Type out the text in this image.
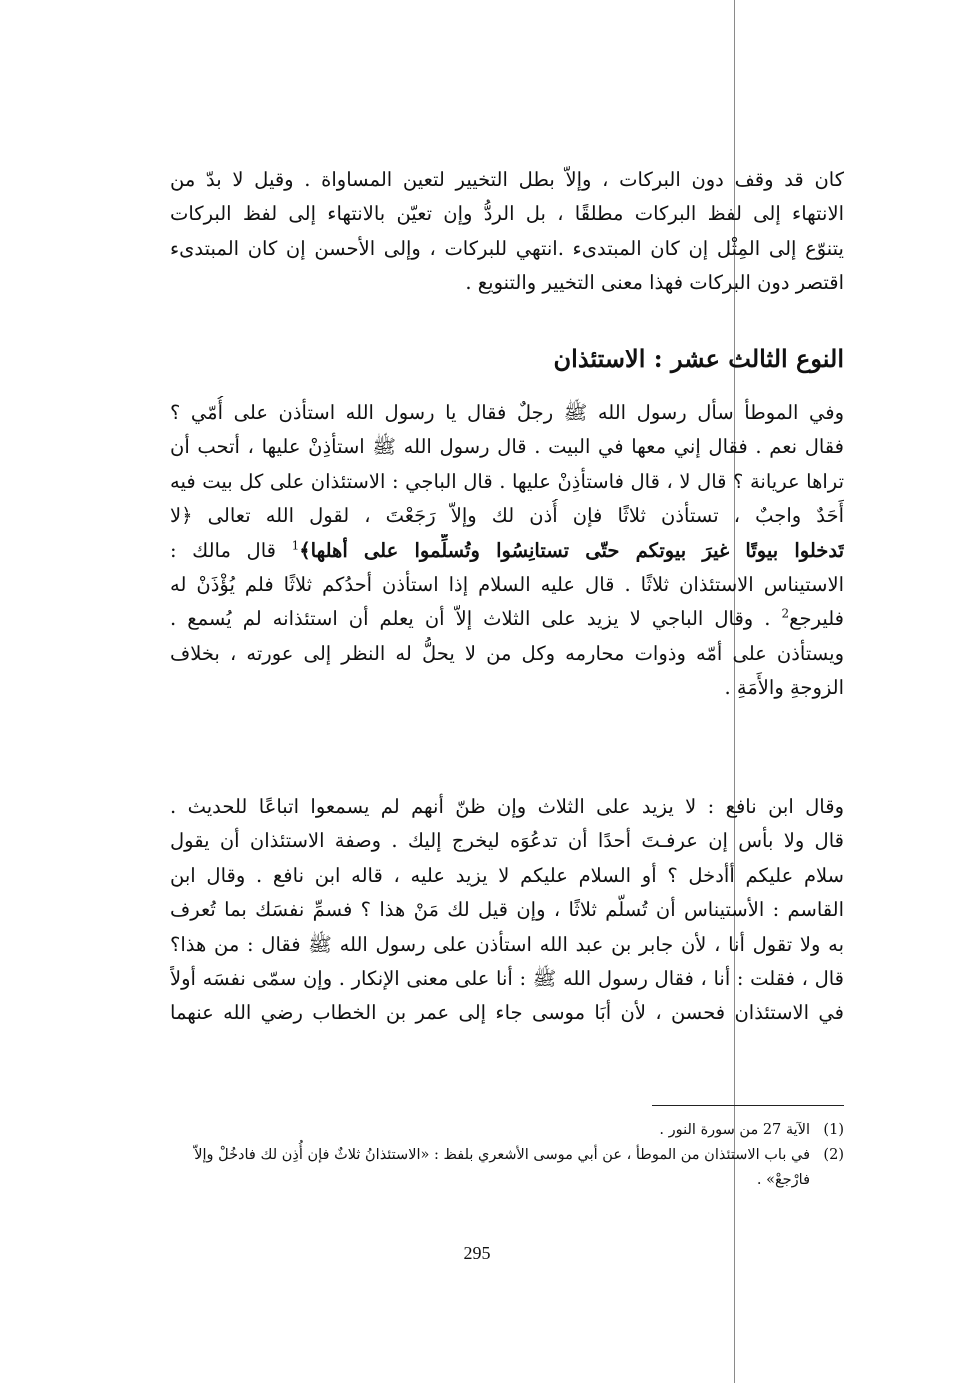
كان قد وقف دون البركات ، وإلاّ بطل التخيير لتعين المساواة . وقيل لا بدّ من
الانتهاء إلى لفظ البركات مطلقًا ، بل الردُّ وإن تعيّن بالانتهاء إلى لفظ البركات
يتنوّع إلى المِثْل إن كان المبتدىء .انتهي للبركات ، وإلى الأحسن إن كان المبتدىء
اقتصر دون البركات فهذا معنى التخيير والتنويع .
النوع الثالث عشر : الاستئذان
وفي الموطأ سأل رسول الله ﷺ رجلٌ فقال يا رسول الله استأذن على أُمّي ؟
فقال نعم . فقال إني معها في البيت . قال رسول الله ﷺ استأذِنْ عليها ، أتحب أن
تراها عريانة ؟ قال لا ، قال فاستأذِنْ عليها . قال الباجي : الاستئذان على كل بيت فيه
أَحَدٌ واجبٌ ، تستأذن ثلاثًا فإن أُذن لك وإلاّ رَجَعْتَ ، لقول الله تعالى ﴿لا
تَدخلوا بيوتًا غيرَ بيوتكم حتّى تستانِسُوا وتُسلِّموا على أهلها﴾$^1$ قال مالك :
الاستيناس الاستئذان ثلاثًا . قال عليه السلام إذا استأذن أحدُكم ثلاثًا فلم يُؤْذَنْ له
فليرجع$^2$ . وقال الباجي لا يزيد على الثلاث إلاّ أن يعلم أن استئذانه لم يُسمع .
ويستأذن على أمّه وذوات محارمه وكل من لا يحلُّ له النظر إلى عورته ، بخلاف
الزوجةِ والأَمَةِ .
وقال ابن نافع : لا يزيد على الثلاث وإن ظنّ أنهم لم يسمعوا اتباعًا للحديث .
قال ولا بأس إن عرفـتَ أحدًا أن تدعُوَه ليخرج إليك . وصفة الاستئذان أن يقول
سلام عليكم أأدخل ؟ أو السلام عليكم لا يزيد عليه ، قاله ابن نافع . وقال ابن
القاسم : الأستيناس أن تُسلّم ثلاثًا ، وإن قيل لك مَنْ هذا ؟ فسمِّ نفسَك بما تُعرف
به ولا تقول أنا ، لأن جابر بن عبد الله استأذن على رسول الله ﷺ فقال : من هذا؟
قال ، فقلت : أنا ، فقال رسول الله ﷺ : أنا على معنى الإنكار . وإن سمّى نفسَه أولاً
في الاستئذان فحسن ، لأن أبَا موسى جاء إلى عمر بن الخطاب رضي الله عنهما
(1)
الآية 27 من سورة النور .
(2)
في باب الاستئذان من الموطأ ، عن أبي موسى الأشعري بلفظ : «الاستئذانُ ثلاثٌ فإن أُذِن لك فادخُلْ وإلاّ فارْجعْ» .
295
